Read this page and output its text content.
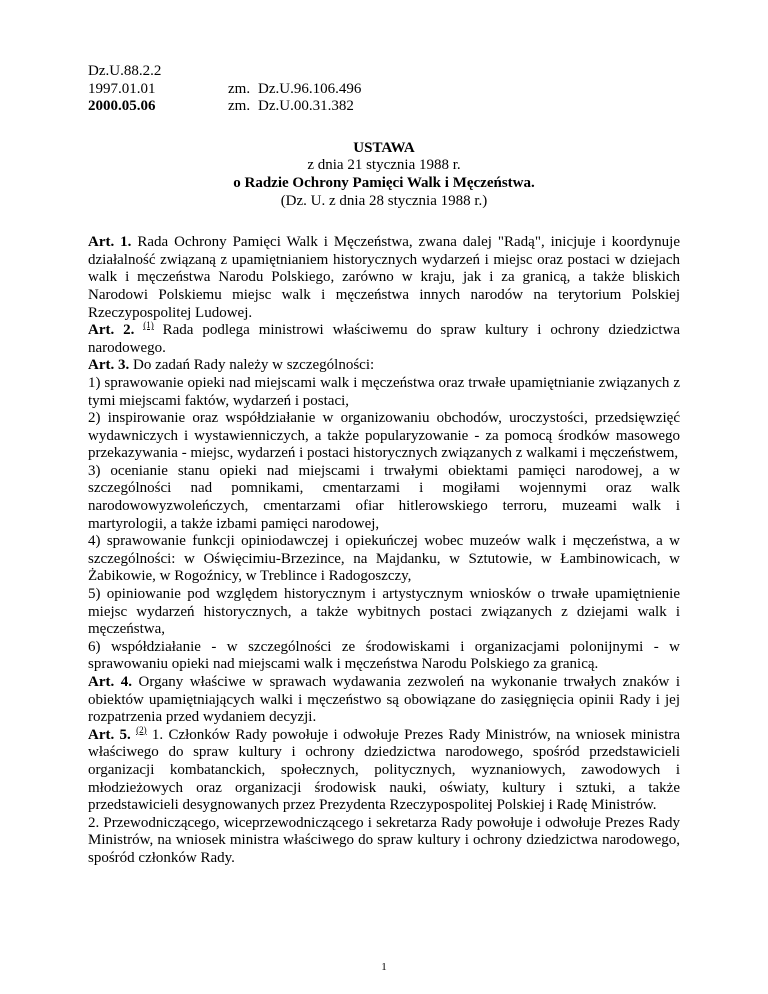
Dz.U.88.2.2		
1997.01.01	zm.	Dz.U.96.106.496
2000.05.06	zm.	Dz.U.00.31.382
USTAWA
z dnia 21 stycznia 1988 r.
o Radzie Ochrony Pamięci Walk i Męczeństwa.
(Dz. U. z dnia 28 stycznia 1988 r.)

Art. 1. Rada Ochrony Pamięci Walk i Męczeństwa, zwana dalej "Radą", inicjuje i koordynuje działalność związaną z upamiętnianiem historycznych wydarzeń i miejsc oraz postaci w dziejach walk i męczeństwa Narodu Polskiego, zarówno w kraju, jak i za granicą, a także bliskich Narodowi Polskiemu miejsc walk i męczeństwa innych narodów na terytorium Polskiej Rzeczypospolitej Ludowej.

Art. 2. $^{(1)}$ Rada podlega ministrowi właściwemu do spraw kultury i ochrony dziedzictwa narodowego.

Art. 3. Do zadań Rady należy w szczególności:

1) sprawowanie opieki nad miejscami walk i męczeństwa oraz trwałe upamiętnianie związanych z tymi miejscami faktów, wydarzeń i postaci,

2) inspirowanie oraz współdziałanie w organizowaniu obchodów, uroczystości, przedsięwzięć wydawniczych i wystawienniczych, a także popularyzowanie - za pomocą środków masowego przekazywania - miejsc, wydarzeń i postaci historycznych związanych z walkami i męczeństwem,

3) ocenianie stanu opieki nad miejscami i trwałymi obiektami pamięci narodowej, a w szczególności nad pomnikami, cmentarzami i mogiłami wojennymi oraz walk narodowowyzwoleńczych, cmentarzami ofiar hitlerowskiego terroru, muzeami walk i martyrologii, a także izbami pamięci narodowej,

4) sprawowanie funkcji opiniodawczej i opiekuńczej wobec muzeów walk i męczeństwa, a w szczególności: w Oświęcimiu-Brzezince, na Majdanku, w Sztutowie, w Łambinowicach, w Żabikowie, w Rogoźnicy, w Treblince i Radogoszczy,

5) opiniowanie pod względem historycznym i artystycznym wniosków o trwałe upamiętnienie miejsc wydarzeń historycznych, a także wybitnych postaci związanych z dziejami walk i męczeństwa,

6) współdziałanie - w szczególności ze środowiskami i organizacjami polonijnymi - w sprawowaniu opieki nad miejscami walk i męczeństwa Narodu Polskiego za granicą.

Art. 4. Organy właściwe w sprawach wydawania zezwoleń na wykonanie trwałych znaków i obiektów upamiętniających walki i męczeństwo są obowiązane do zasięgnięcia opinii Rady i jej rozpatrzenia przed wydaniem decyzji.

Art. 5. $^{(2)}$ 1. Członków Rady powołuje i odwołuje Prezes Rady Ministrów, na wniosek ministra właściwego do spraw kultury i ochrony dziedzictwa narodowego, spośród przedstawicieli organizacji kombatanckich, społecznych, politycznych, wyznaniowych, zawodowych i młodzieżowych oraz organizacji środowisk nauki, oświaty, kultury i sztuki, a także przedstawicieli desygnowanych przez Prezydenta Rzeczypospolitej Polskiej i Radę Ministrów.

2. Przewodniczącego, wiceprzewodniczącego i sekretarza Rady powołuje i odwołuje Prezes Rady Ministrów, na wniosek ministra właściwego do spraw kultury i ochrony dziedzictwa narodowego, spośród członków Rady.

1
